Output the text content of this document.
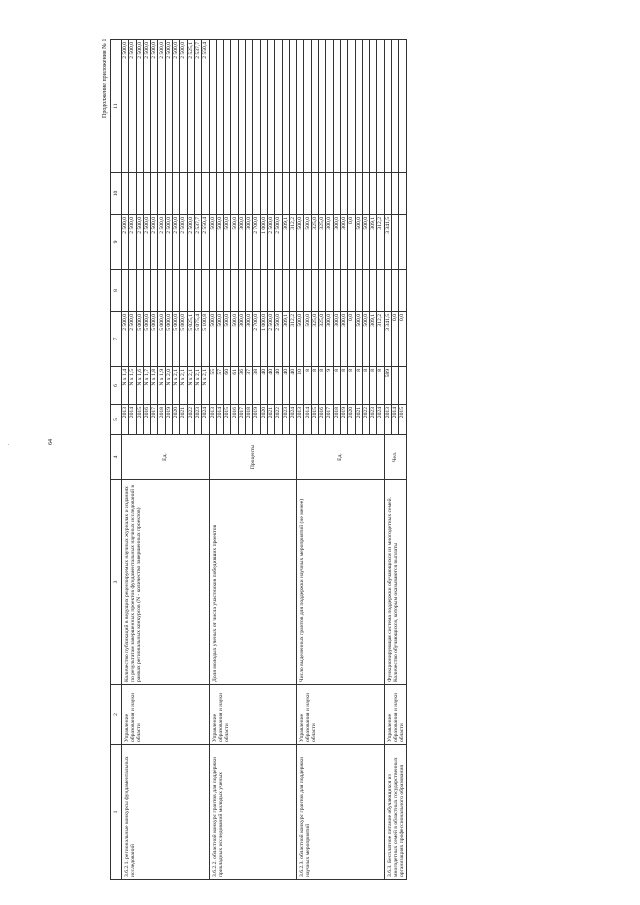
.	64
Продолжение приложения № 1
1	2	3	4	5	6	7	8	9	10	11
3.6.2.1. региональные конкурсы фундаментальных исследований	Управление образования и науки области	Количество публикаций в ведущих рецензируемых научных журналах и изданиях по результатам завершенных проектов фундаментальных научных исследований в рамках региональных конкурсов (N - количество завершенных проектов)	Ед.	2013	N х 1,4	2 500,0		2 500,0		2 500,0
				2014	N х 1,5	2 500,0		2 500,0		2 500,0
				2015	N х 1,6	5 000,0		2 500,0		2 500,0
				2016	N х 1,7	5 000,0		2 500,0		2 500,0
				2017	N х 1,8	5 000,0		2 500,0		2 500,0
				2018	N х 1,9	5 000,0		2 500,0		2 500,0
				2019	N х 2,0	5 000,0		2 500,0		2 500,0
				2020	N х 2,1	5 000,0		2 500,0		2 500,0
				2021	N х 2,1	5 000,0		2 500,0		2 500,0
				2022	N х 2,1	5 025,1		2 500,0		2 525,1
				2023	N х 2,1	5 075,4		2 537,7		2 537,7
				2024	N х 2,1	5 100,8		2 550,4		2 550,4
3.6.2.2. областной конкурс грантов для поддержки прикладных исследований молодых ученых	Управление образования и науки области	Доля молодых ученых от числа участников победивших проектов	Проценты	2013	55	500,0		500,0		
				2014	57	500,0		500,0		
				2015	60	500,0		500,0		
				2016	61	500,0		500,0		
				2017	36	300,0		300,0		
				2018	37	300,0		300,0		
				2019	38	2 700,0		2 700,0		
				2020	40	1 000,0		1 000,0		
				2021	40	2 500,0		2 500,0		
				2022	40	2 500,0		2 500,0		
				2023	40	309,1		309,1		
				2024	40	312,2		312,2		
3.6.2.3. областной конкурс грантов для поддержки научных мероприятий	Управление образования и науки области	Число выделенных грантов для поддержки научных мероприятий (не менее)	Ед.	2013	10	500,0		500,0		
				2014	8	500,0		500,0		
				2015	8	325,0		325,0		
				2016	8	325,0		325,0		
				2017	9	300,0		300,0		
				2018	8	300,0		300,0		
				2019	8	300,0		300,0		
				2020	8	0,0		0,0		
				2021	8	500,0		500,0		
				2022	8	500,0		500,0		
				2023	8	309,1		309,1		
				2024	8	312,2		312,2		
3.6.3. Бесплатное питание обучающихся из многодетных семей в областных государственных организациях профессионального образования	Управление образования и науки области	Функционирующая система поддержки обучающихся из многодетных семей. Количество обучающихся, которым оказываются выплаты	Чел.	2013	589	3 341,5		3 341,5		
				2014		0,0				
				2015		0,0				
